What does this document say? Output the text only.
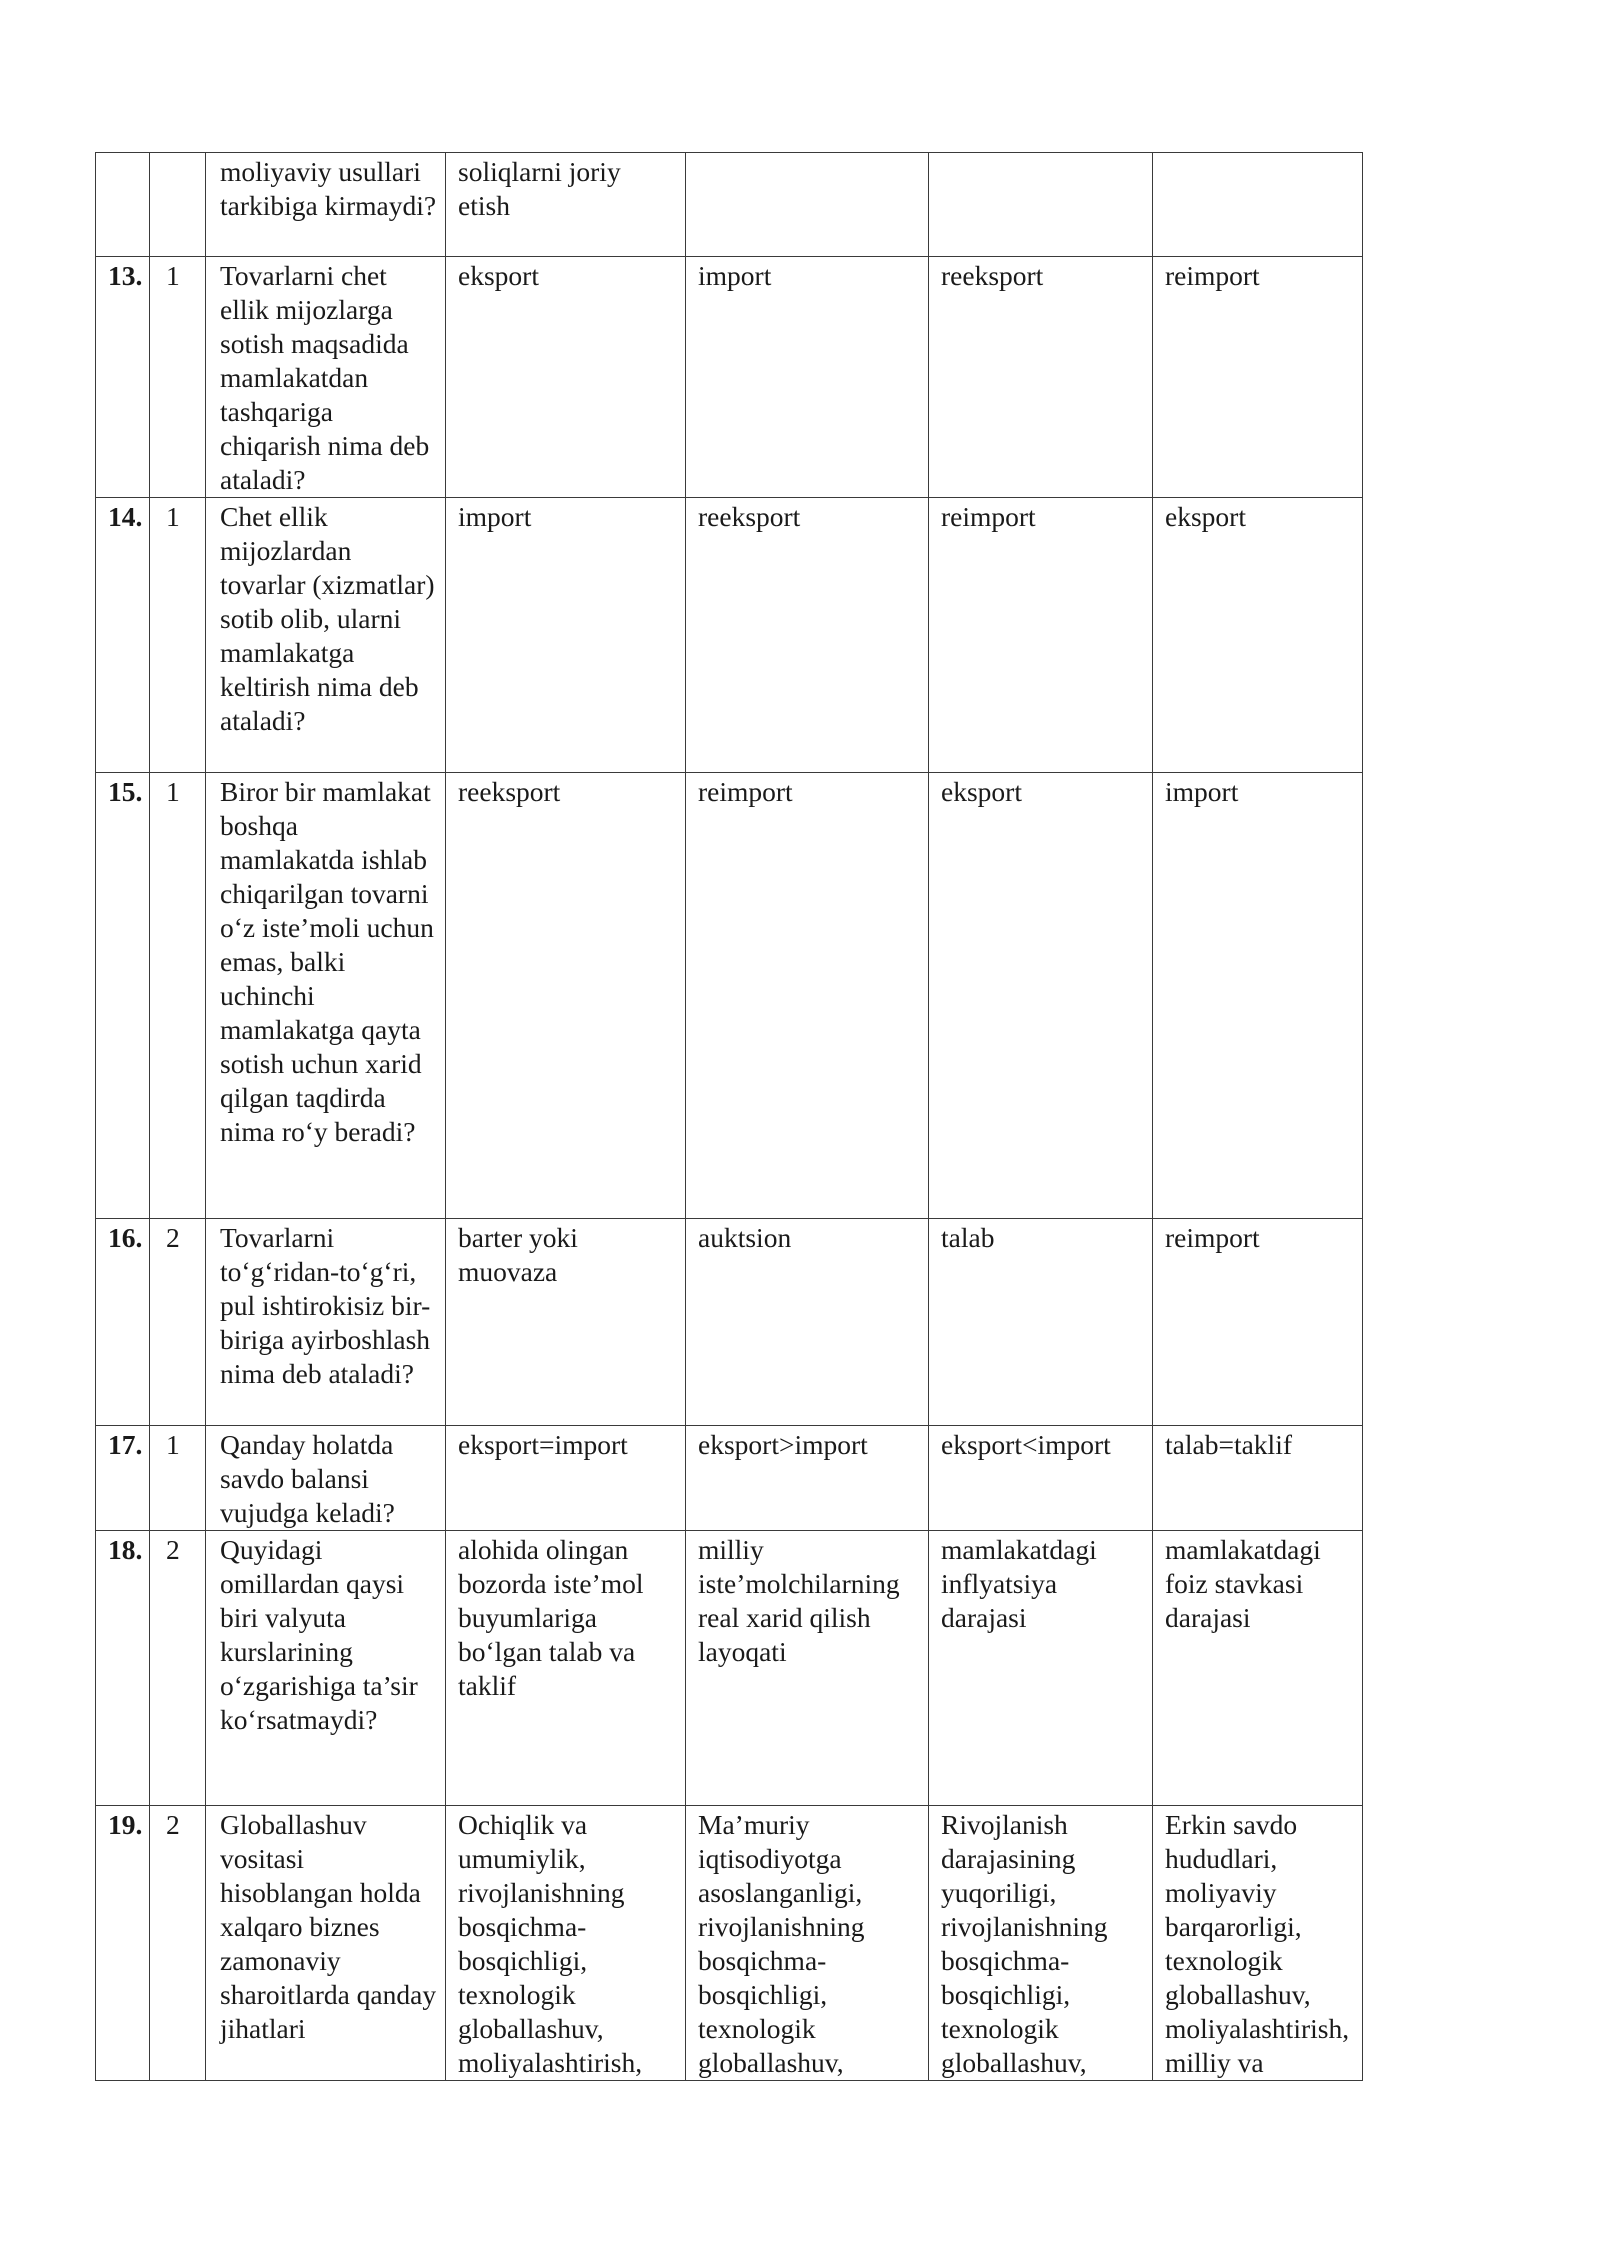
		moliyaviy usullari tarkibiga kirmaydi?	soliqlarni joriy etish			
13.	1	Tovarlarni chet ellik mijozlarga sotish maqsadida mamlakatdan tashqariga chiqarish nima deb ataladi?	eksport	import	reeksport	reimport
14.	1	Chet ellik mijozlardan tovarlar (xizmatlar) sotib olib, ularni mamlakatga keltirish nima deb ataladi?	import	reeksport	reimport	eksport
15.	1	Biror bir mamlakat boshqa mamlakatda ishlab chiqarilgan tovarni o‘z iste’moli uchun emas, balki uchinchi mamlakatga qayta sotish uchun xarid qilgan taqdirda nima ro‘y beradi?	reeksport	reimport	eksport	import
16.	2	Tovarlarni to‘g‘ridan-to‘g‘ri, pul ishtirokisiz bir-biriga ayirboshlash nima deb ataladi?	barter yoki muovaza	auktsion	talab	reimport
17.	1	Qanday holatda savdo balansi vujudga keladi?	eksport=import	eksport>import	eksport<import	talab=taklif
18.	2	Quyidagi omillardan qaysi biri valyuta kurslarining o‘zgarishiga ta’sir ko‘rsatmaydi?	alohida olingan bozorda iste’mol buyumlariga bo‘lgan talab va taklif	milliy iste’molchilarning real xarid qilish layoqati	mamlakatdagi inflyatsiya darajasi	mamlakatdagi foiz stavkasi darajasi
19.	2	Globallashuv vositasi hisoblangan holda xalqaro biznes zamonaviy sharoitlarda qanday jihatlari	Ochiqlik va umumiylik, rivojlanishning bosqichma-bosqichligi, texnologik globallashuv, moliyalashtirish,	Ma’muriy iqtisodiyotga asoslanganligi, rivojlanishning bosqichma-bosqichligi, texnologik globallashuv,	Rivojlanish darajasining yuqoriligi, rivojlanishning bosqichma-bosqichligi, texnologik globallashuv,	Erkin savdo hududlari, moliyaviy barqarorligi, texnologik globallashuv, moliyalashtirish, milliy va
